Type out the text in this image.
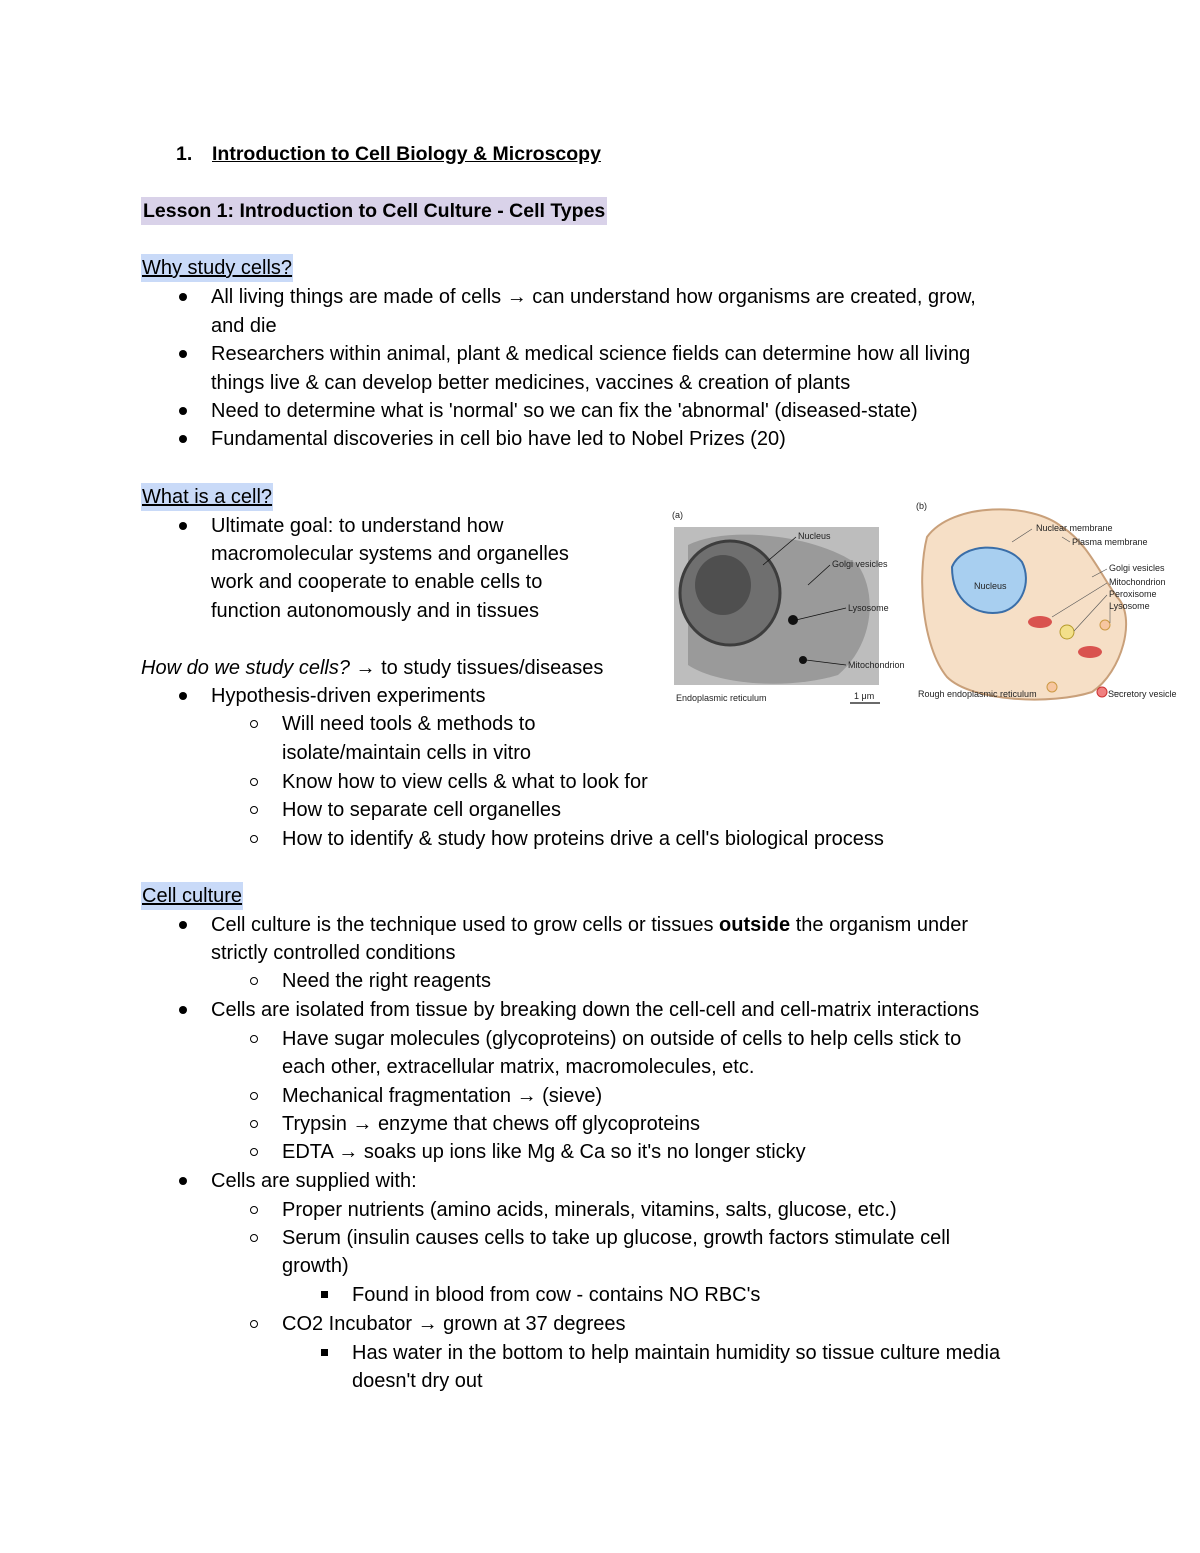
1. Introduction to Cell Biology & Microscopy
Lesson 1: Introduction to Cell Culture - Cell Types
Why study cells?
All living things are made of cells → can understand how organisms are created, grow,
and die
Researchers within animal, plant & medical science fields can determine how all living
things live & can develop better medicines, vaccines & creation of plants
Need to determine what is 'normal' so we can fix the 'abnormal' (diseased-state)
Fundamental discoveries in cell bio have led to Nobel Prizes (20)
What is a cell?
Ultimate goal: to understand how
macromolecular systems and organelles
work and cooperate to enable cells to
function autonomously and in tissues
How do we study cells? → to study tissues/diseases
Hypothesis-driven experiments
Will need tools & methods to
isolate/maintain cells in vitro
Know how to view cells & what to look for
How to separate cell organelles
How to identify & study how proteins drive a cell's biological process
Cell culture
Cell culture is the technique used to grow cells or tissues outside the organism under
strictly controlled conditions
Need the right reagents
Cells are isolated from tissue by breaking down the cell-cell and cell-matrix interactions
Have sugar molecules (glycoproteins) on outside of cells to help cells stick to
each other, extracellular matrix, macromolecules, etc.
Mechanical fragmentation → (sieve)
Trypsin → enzyme that chews off glycoproteins
EDTA → soaks up ions like Mg & Ca so it's no longer sticky
Cells are supplied with:
Proper nutrients (amino acids, minerals, vitamins, salts, glucose, etc.)
Serum (insulin causes cells to take up glucose, growth factors stimulate cell
growth)
Found in blood from cow - contains NO RBC's
CO2 Incubator → grown at 37 degrees
Has water in the bottom to help maintain humidity so tissue culture media
doesn't dry out
(a)
Nucleus
Golgi vesicles
Lysosome
Mitochondrion
Endoplasmic reticulum	1 μm
(b)
Nuclear membrane
Plasma membrane
Nucleus
Golgi vesicles
Mitochondrion
Peroxisome
Lysosome
Rough endoplasmic reticulum	Secretory vesicle
